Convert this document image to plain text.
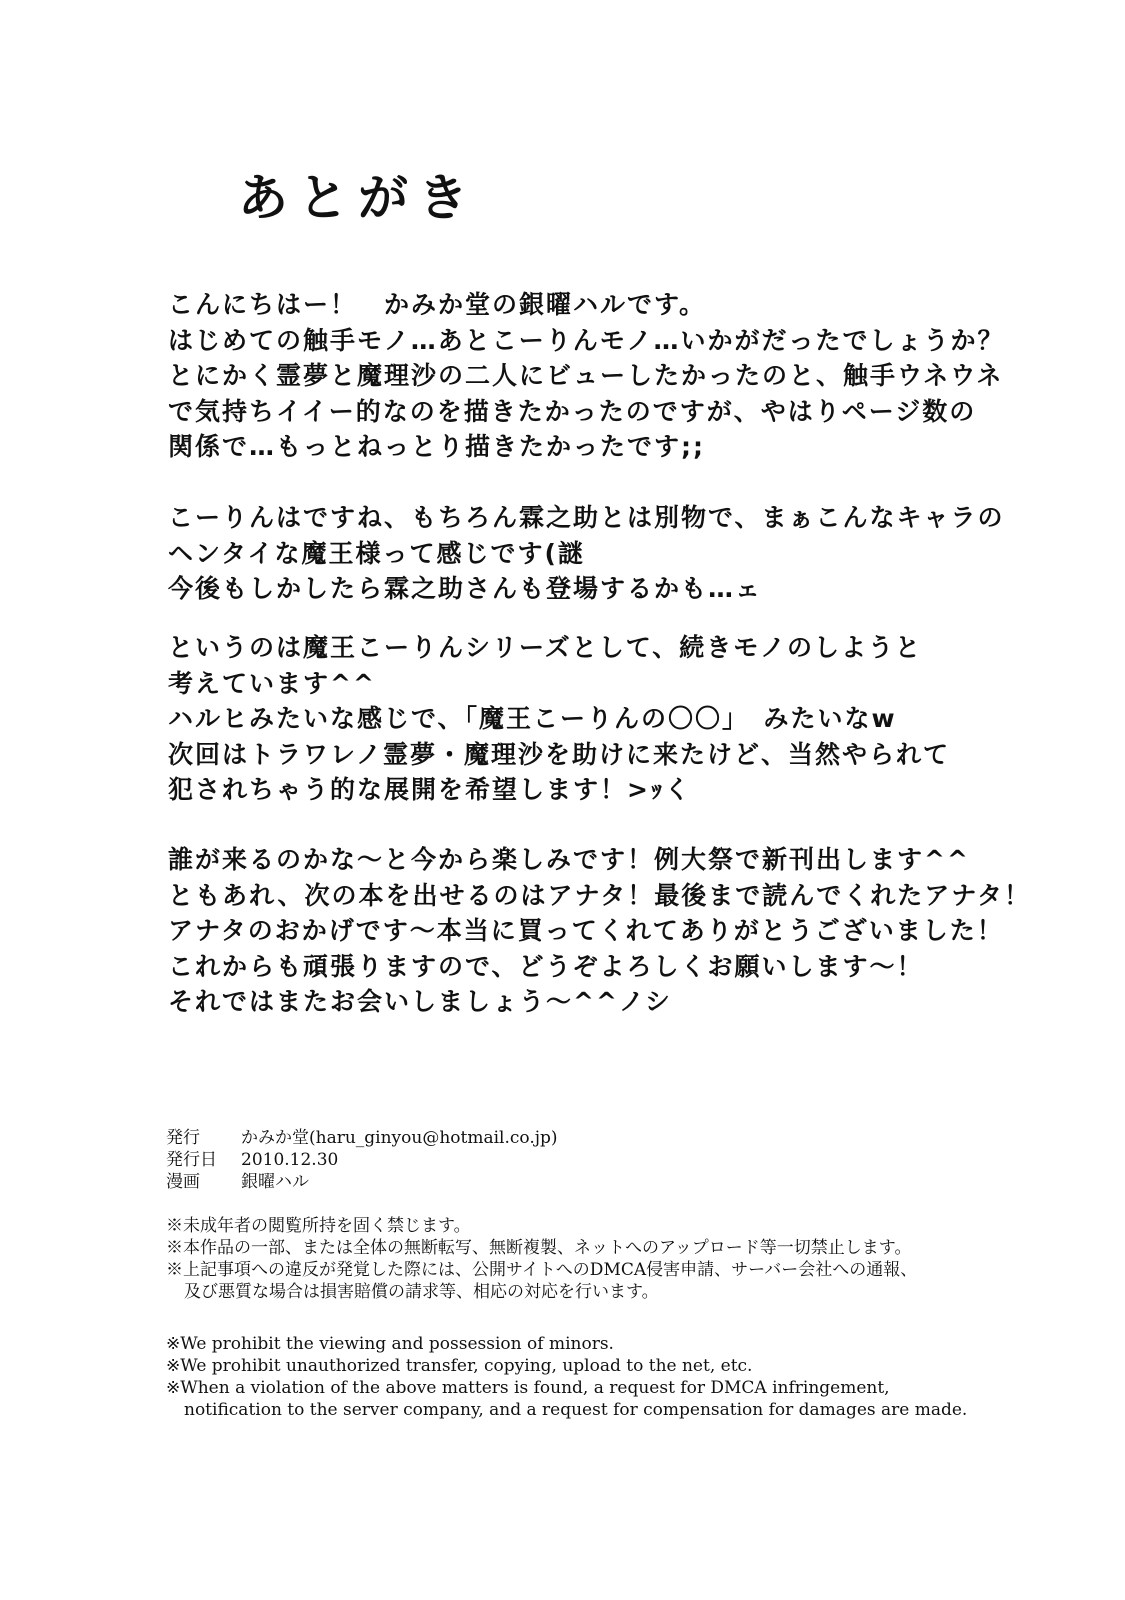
あとがき
こんにちはー！　かみか堂の銀曜ハルです。
はじめての触手モノ…あとこーりんモノ…いかがだったでしょうか？
とにかく霊夢と魔理沙の二人にビューしたかったのと、触手ウネウネ
で気持ちイイー的なのを描きたかったのですが、やはりページ数の
関係で…もっとねっとり描きたかったです;;
こーりんはですね、もちろん霖之助とは別物で、まぁこんなキャラの
ヘンタイな魔王様って感じです(謎
今後もしかしたら霖之助さんも登場するかも…ェ
というのは魔王こーりんシリーズとして、続きモノのしようと
考えています^^
ハルヒみたいな感じで、「魔王こーりんの〇〇」　みたいなw
次回はトラワレノ霊夢・魔理沙を助けに来たけど、当然やられて
犯されちゃう的な展開を希望します！>ｯく
誰が来るのかな～と今から楽しみです！例大祭で新刊出します^^
ともあれ、次の本を出せるのはアナタ！最後まで読んでくれたアナタ！
アナタのおかげです～本当に買ってくれてありがとうございました！
これからも頑張りますので、どうぞよろしくお願いします～！
それではまたお会いしましょう～^^ノシ
発行	かみか堂(haru_ginyou@hotmail.co.jp)
発行日	2010.12.30
漫画	銀曜ハル
※未成年者の閲覧所持を固く禁じます。
※本作品の一部、または全体の無断転写、無断複製、ネットへのアップロード等一切禁止します。
※上記事項への違反が発覚した際には、公開サイトへのDMCA侵害申請、サーバー会社への通報、
及び悪質な場合は損害賠償の請求等、相応の対応を行います。
※We prohibit the viewing and possession of minors.
※We prohibit unauthorized transfer, copying, upload to the net, etc.
※When a violation of the above matters is found, a request for DMCA infringement,
notification to the server company, and a request for compensation for damages are made.
